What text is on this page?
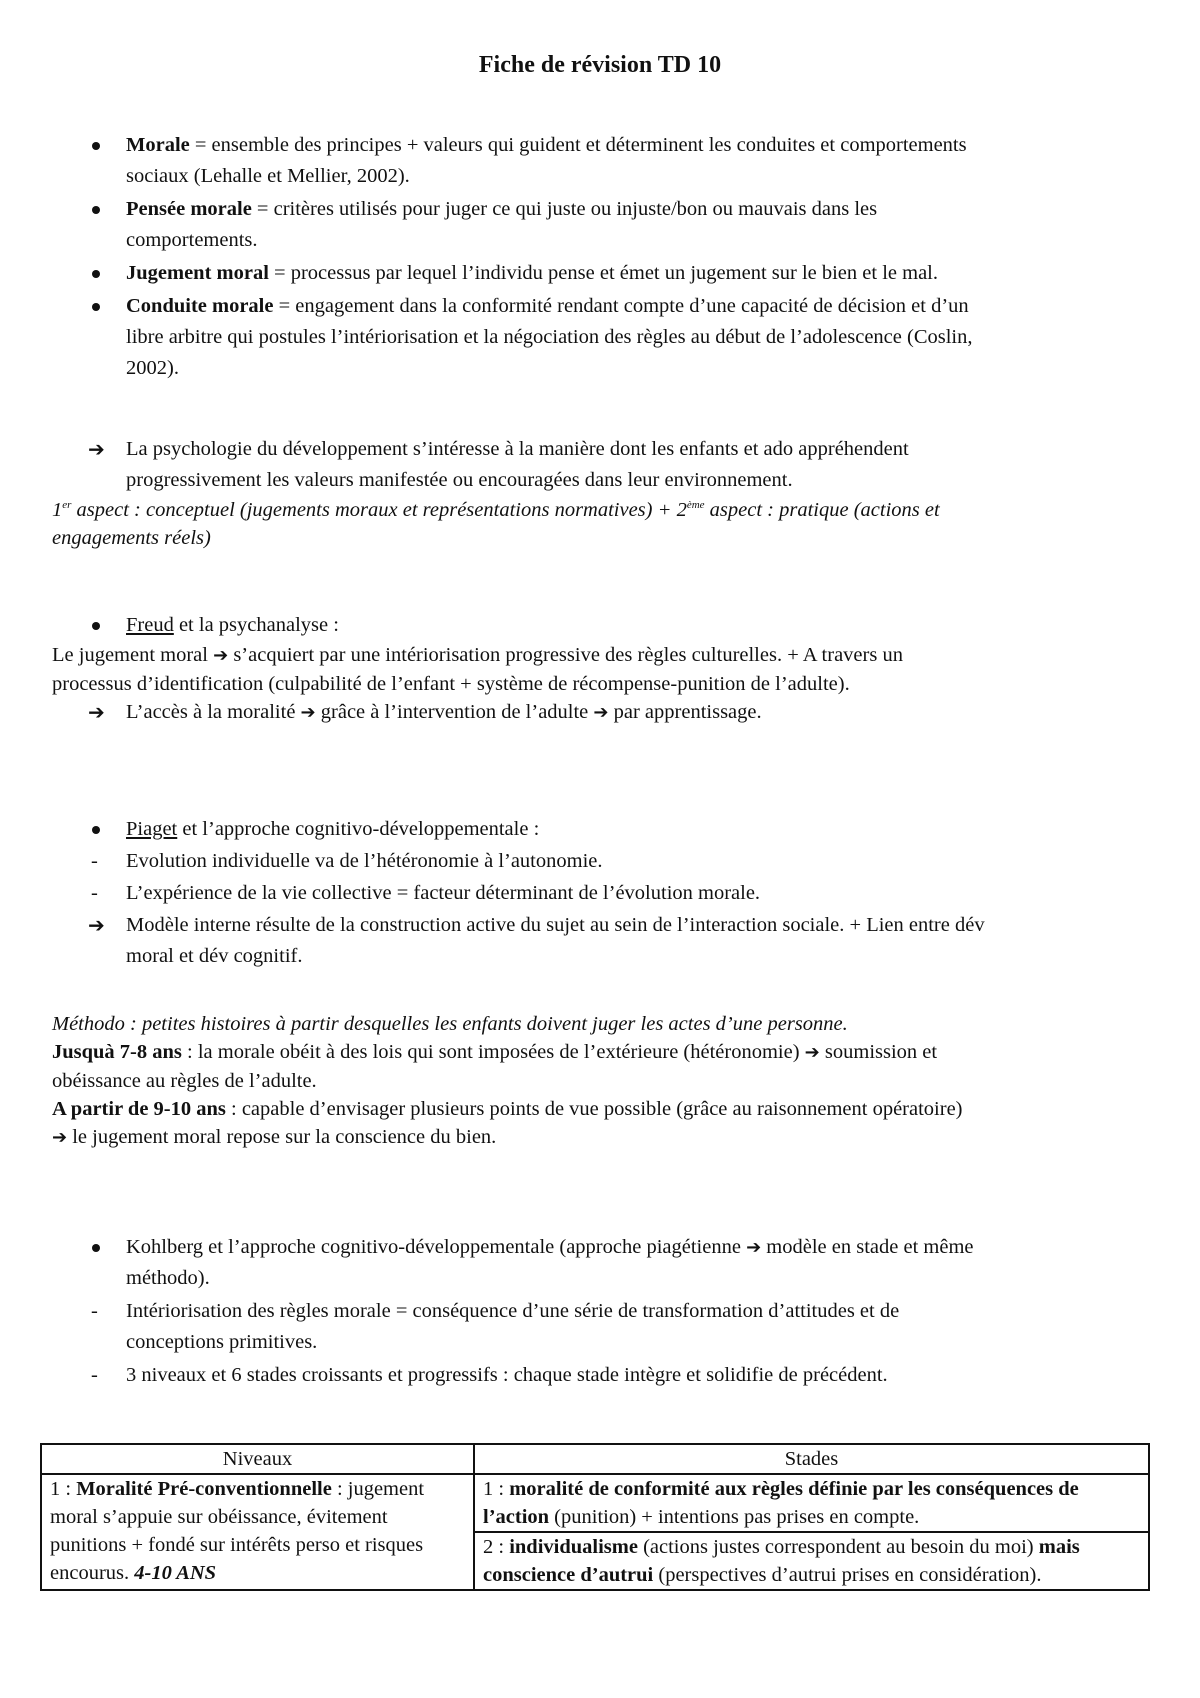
Fiche de révision TD 10
Morale = ensemble des principes + valeurs qui guident et déterminent les conduites et comportements
sociaux (Lehalle et Mellier, 2002).
Pensée morale = critères utilisés pour juger ce qui juste ou injuste/bon ou mauvais dans les
comportements.
Jugement moral = processus par lequel l’individu pense et émet un jugement sur le bien et le mal.
Conduite morale = engagement dans la conformité rendant compte d’une capacité de décision et d’un
libre arbitre qui postules l’intériorisation et la négociation des règles au début de l’adolescence (Coslin,
2002).
➔ La psychologie du développement s’intéresse à la manière dont les enfants et ado appréhendent
progressivement les valeurs manifestée ou encouragées dans leur environnement.
1er aspect : conceptuel (jugements moraux et représentations normatives) + 2ème aspect : pratique (actions et
engagements réels)
Freud et la psychanalyse :
Le jugement moral ➔ s’acquiert par une intériorisation progressive des règles culturelles. + A travers un
processus d’identification (culpabilité de l’enfant + système de récompense-punition de l’adulte).
➔ L’accès à la moralité ➔ grâce à l’intervention de l’adulte ➔ par apprentissage.
Piaget et l’approche cognitivo-développementale :
- Evolution individuelle va de l’hétéronomie à l’autonomie.
- L’expérience de la vie collective = facteur déterminant de l’évolution morale.
➔ Modèle interne résulte de la construction active du sujet au sein de l’interaction sociale. + Lien entre dév
moral et dév cognitif.
Méthodo : petites histoires à partir desquelles les enfants doivent juger les actes d’une personne.
Jusquà 7-8 ans : la morale obéit à des lois qui sont imposées de l’extérieure (hétéronomie) ➔ soumission et
obéissance au règles de l’adulte.
A partir de 9-10 ans : capable d’envisager plusieurs points de vue possible (grâce au raisonnement opératoire)
➔ le jugement moral repose sur la conscience du bien.
Kohlberg et l’approche cognitivo-développementale (approche piagétienne ➔ modèle en stade et même
méthodo).
- Intériorisation des règles morale = conséquence d’une série de transformation d’attitudes et de
conceptions primitives.
- 3 niveaux et 6 stades croissants et progressifs : chaque stade intègre et solidifie de précédent.
Niveaux	Stades
1 : Moralité Pré-conventionnelle : jugement moral s’appuie sur obéissance, évitement punitions + fondé sur intérêts perso et risques encourus. 4-10 ANS	1 : moralité de conformité aux règles définie par les conséquences de l’action (punition) + intentions pas prises en compte.
	2 : individualisme (actions justes correspondent au besoin du moi) mais conscience d’autrui (perspectives d’autrui prises en considération).
